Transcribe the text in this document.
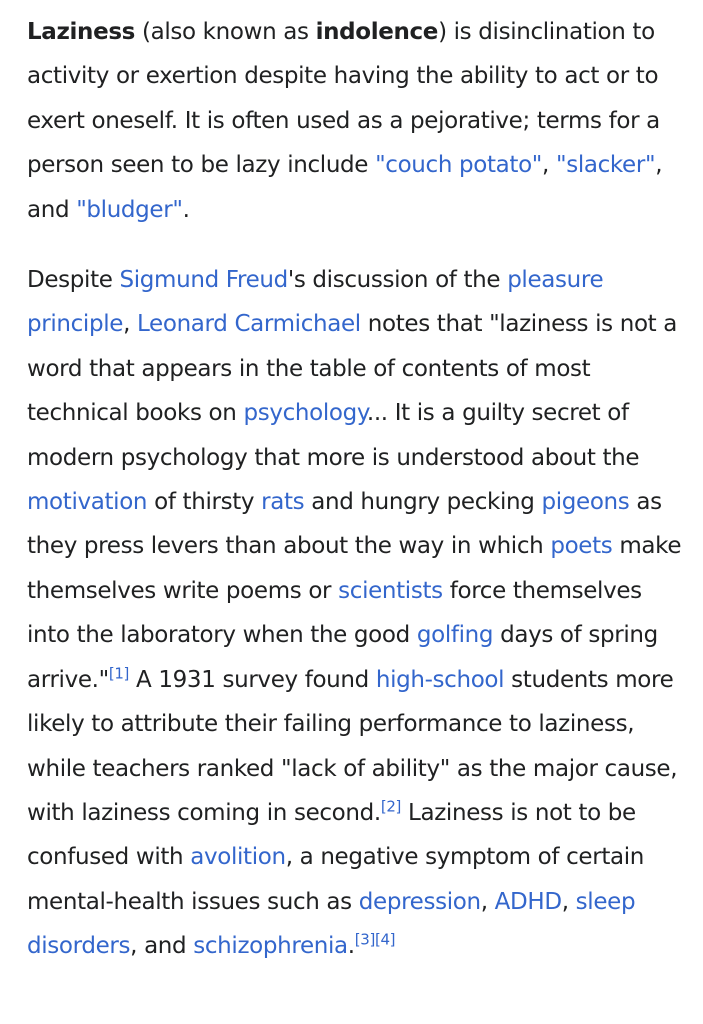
Laziness (also known as indolence) is disinclination to activity or exertion despite having the ability to act or to exert oneself. It is often used as a pejorative; terms for a person seen to be lazy include "couch potato", "slacker", and "bludger".

Despite Sigmund Freud's discussion of the pleasure principle, Leonard Carmichael notes that "laziness is not a word that appears in the table of contents of most technical books on psychology... It is a guilty secret of modern psychology that more is understood about the motivation of thirsty rats and hungry pecking pigeons as they press levers than about the way in which poets make themselves write poems or scientists force themselves into the laboratory when the good golfing days of spring arrive."[1] A 1931 survey found high-school students more likely to attribute their failing performance to laziness, while teachers ranked "lack of ability" as the major cause, with laziness coming in second.[2] Laziness is not to be confused with avolition, a negative symptom of certain mental-health issues such as depression, ADHD, sleep disorders, and schizophrenia.[3][4]
